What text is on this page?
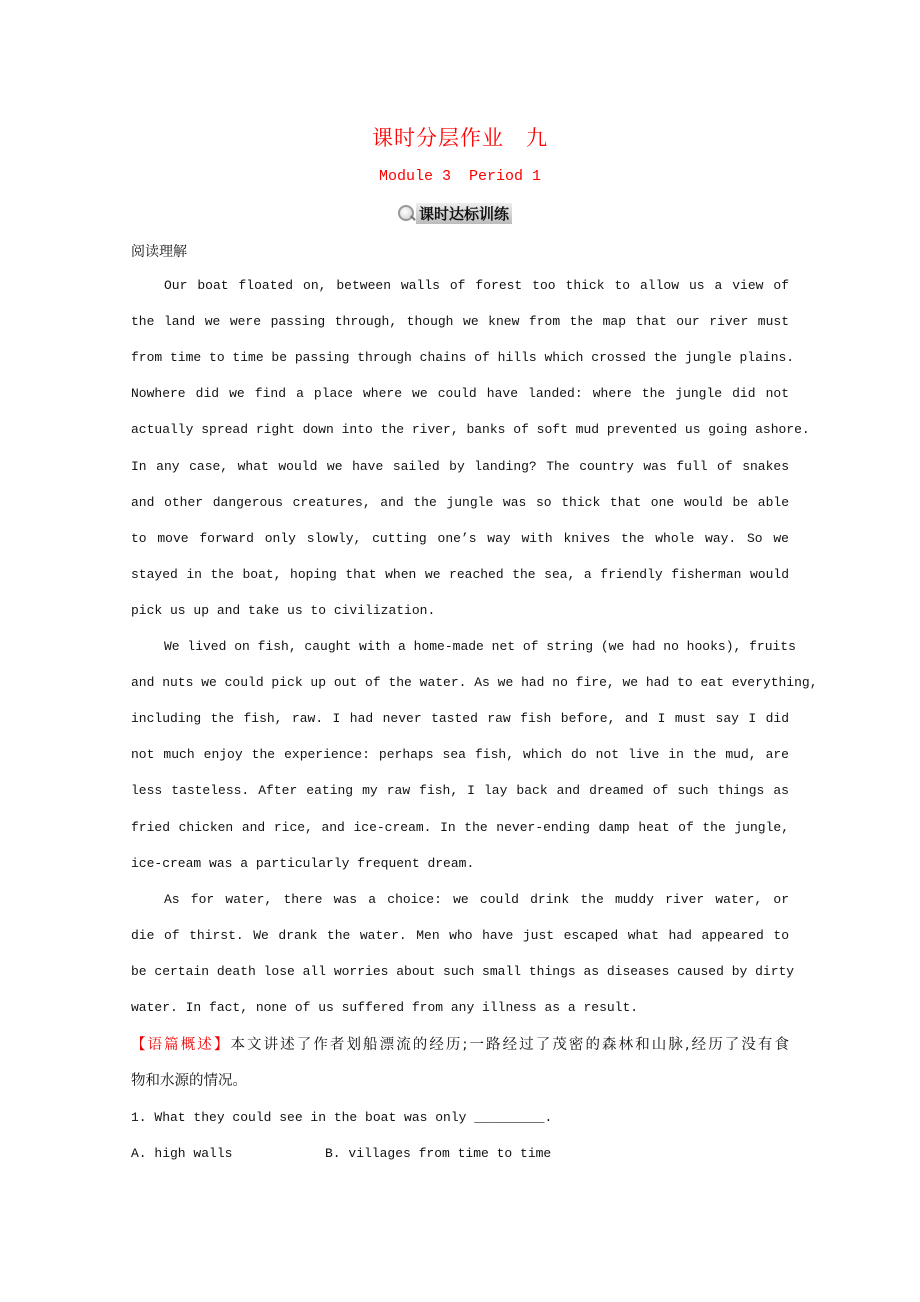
课时分层作业　九
Module 3  Period 1
课时达标训练
阅读理解
Our boat floated on, between walls of forest too thick to allow us a view of
the land we were passing through, though we knew from the map that our river must
from time to time be passing through chains of hills which crossed the jungle plains.
Nowhere did we find a place where we could have landed: where the jungle did not
actually spread right down into the river, banks of soft mud prevented us going ashore.
In any case, what would we have sailed by landing? The country was full of snakes
and other dangerous creatures, and the jungle was so thick that one would be able
to move forward only slowly, cutting one’s way with knives the whole way. So we
stayed in the boat, hoping that when we reached the sea, a friendly fisherman would
pick us up and take us to civilization.
We lived on fish, caught with a home-made net of string (we had no hooks), fruits
and nuts we could pick up out of the water. As we had no fire, we had to eat everything,
including the fish, raw. I had never tasted raw fish before, and I must say I did
not much enjoy the experience: perhaps sea fish, which do not live in the mud, are
less tasteless. After eating my raw fish, I lay back and dreamed of such things as
fried chicken and rice, and ice-cream. In the never-ending damp heat of the jungle,
ice-cream was a particularly frequent dream.
As for water, there was a choice: we could drink the muddy river water, or
die of thirst. We drank the water. Men who have just escaped what had appeared to
be certain death lose all worries about such small things as diseases caused by dirty
water. In fact, none of us suffered from any illness as a result.
【语篇概述】本文讲述了作者划船漂流的经历;一路经过了茂密的森林和山脉,经历了没有食
物和水源的情况。
1. What they could see in the boat was only _________.
A. high walls	B. villages from time to time
